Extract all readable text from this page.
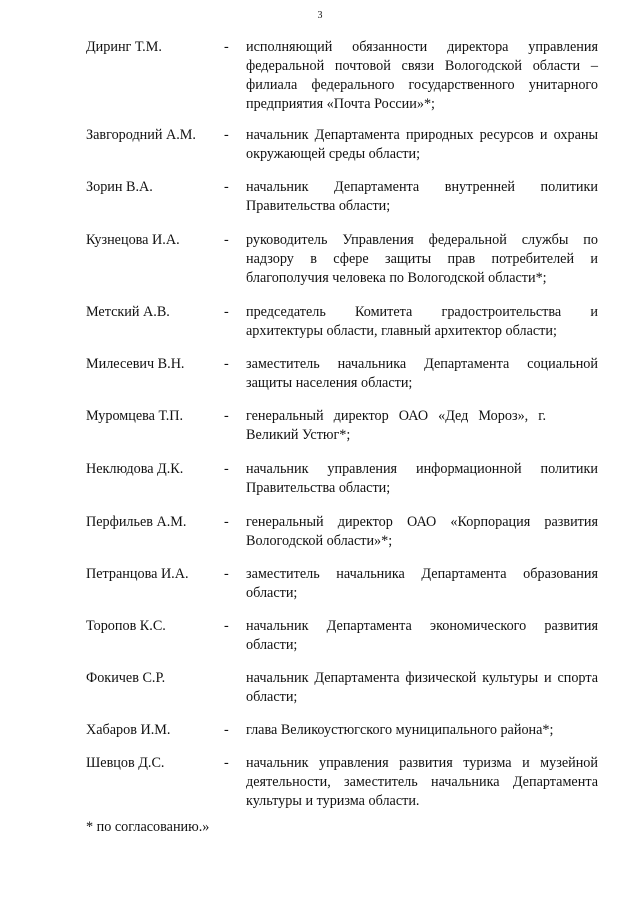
3
Диринг Т.М.	- исполняющий обязанности директора управления федеральной почтовой связи Вологодской области – филиала федерального государственного унитарного предприятия «Почта России»*;
Завгородний А.М. - начальник Департамента природных ресурсов и охраны окружающей среды области;
Зорин В.А.	- начальник Департамента внутренней политики Правительства области;
Кузнецова И.А.	- руководитель Управления федеральной службы по надзору в сфере защиты прав потребителей и благополучия человека по Вологодской области*;
Метский А.В.	- председатель Комитета градостроительства и архитектуры области, главный архитектор области;
Милесевич В.Н.	- заместитель начальника Департамента социальной защиты населения области;
Муромцева Т.П.	- генеральный директор ОАО «Дед Мороз», г. Великий Устюг*;
Неклюдова Д.К.	- начальник управления информационной политики Правительства области;
Перфильев А.М.	- генеральный директор ОАО «Корпорация развития Вологодской области»*;
Петранцова И.А. - заместитель начальника Департамента образования области;
Торопов К.С.	- начальник Департамента экономического развития области;
Фокичев С.Р.	начальник Департамента физической культуры и спорта области;
Хабаров И.М.	- глава Великоустюгского муниципального района*;
Шевцов Д.С.	- начальник управления развития туризма и музейной деятельности, заместитель начальника Департамента культуры и туризма области.
* по согласованию.»
